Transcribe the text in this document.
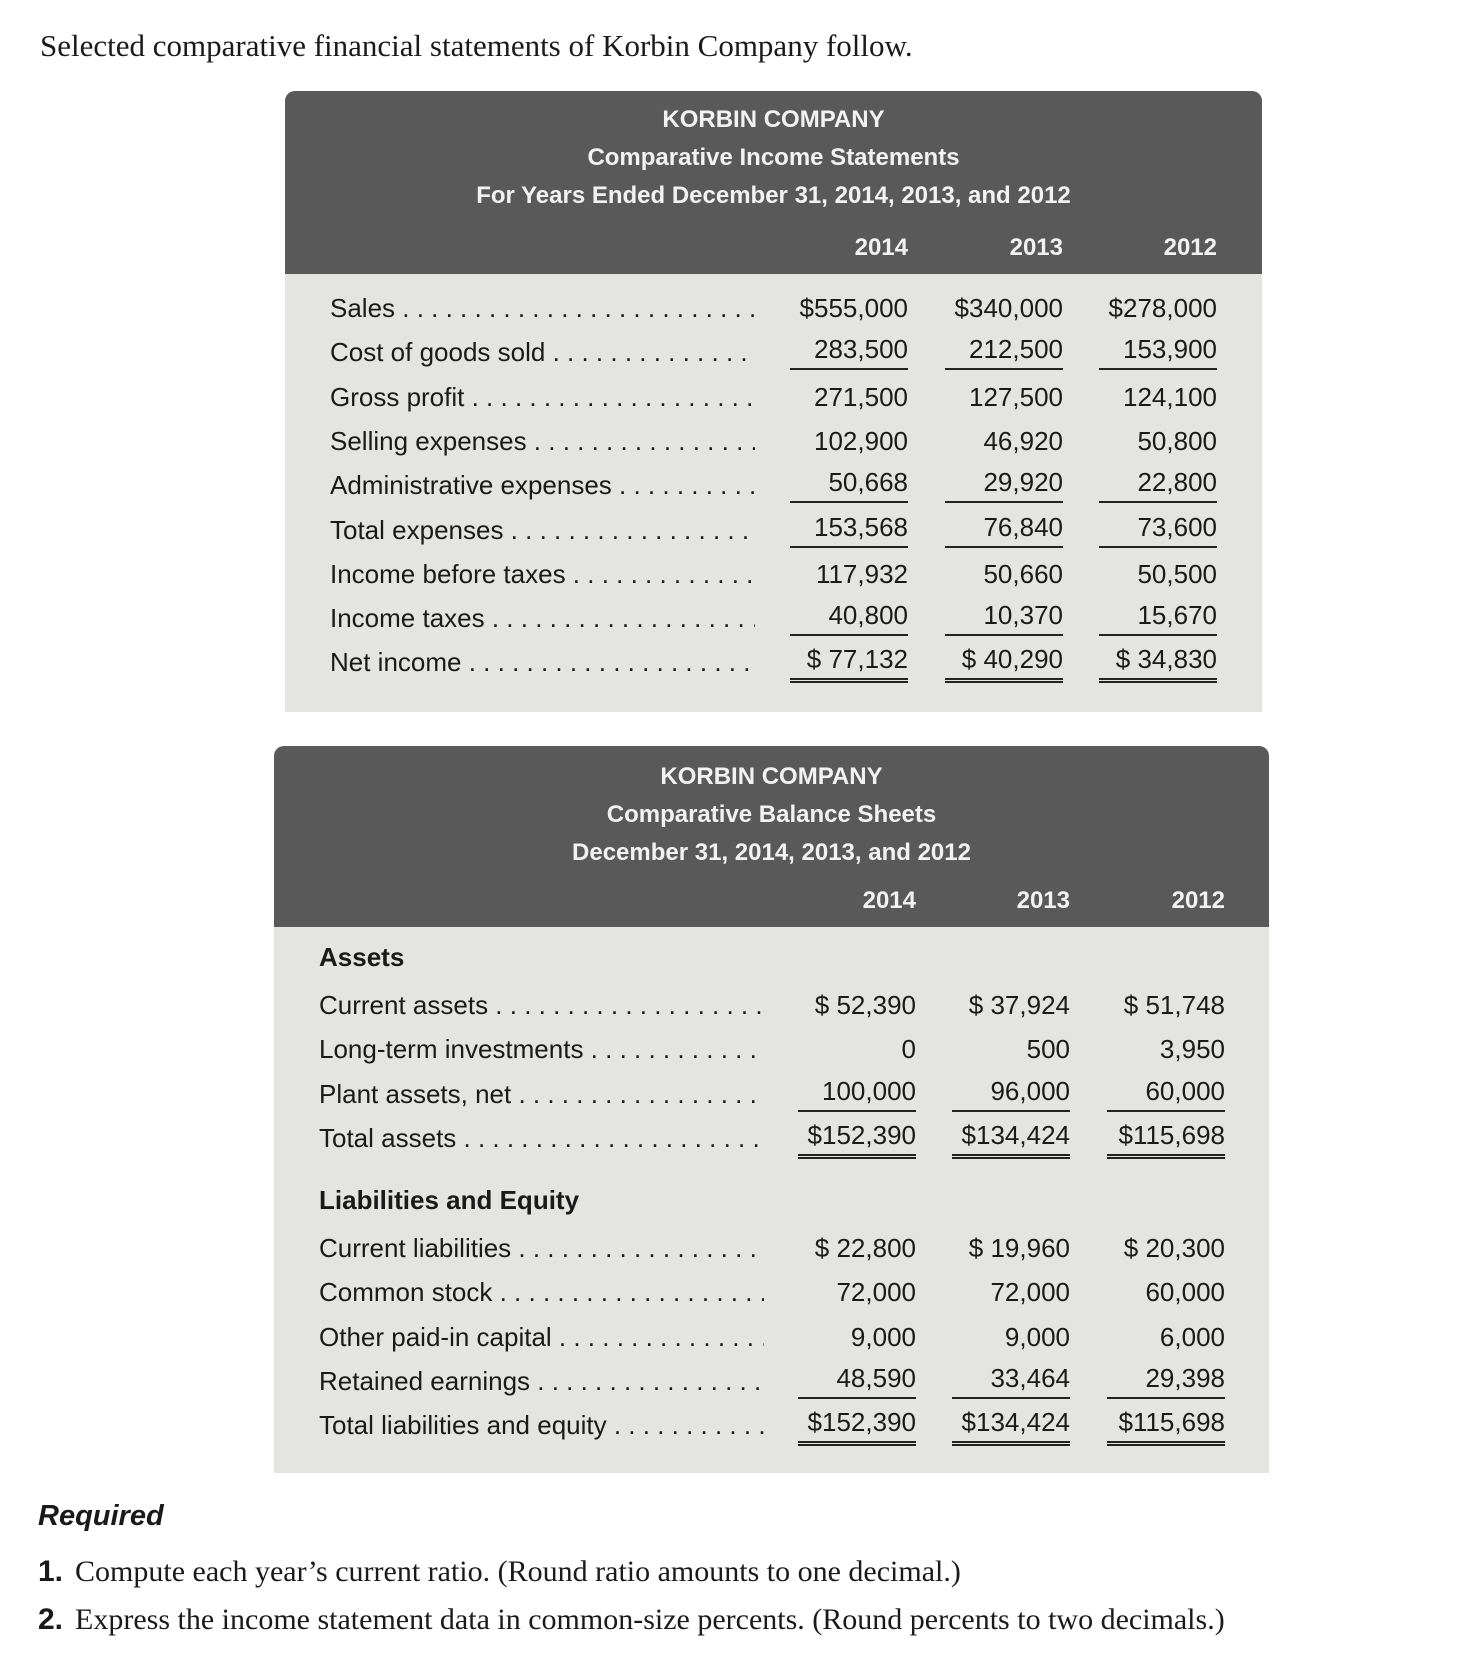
Selected comparative financial statements of Korbin Company follow.
KORBIN COMPANY
Comparative Income Statements
For Years Ended December 31, 2014, 2013, and 2012
2014	2013	2012
Sales . . .	$555,000	$340,000	$278,000
Cost of goods sold . . .	283,500	212,500	153,900
Gross profit . . .	271,500	127,500	124,100
Selling expenses . . .	102,900	46,920	50,800
Administrative expenses . . .	50,668	29,920	22,800
Total expenses . . .	153,568	76,840	73,600
Income before taxes . . .	117,932	50,660	50,500
Income taxes . . .	40,800	10,370	15,670
Net income . . .	$ 77,132	$ 40,290	$ 34,830
KORBIN COMPANY
Comparative Balance Sheets
December 31, 2014, 2013, and 2012
2014	2013	2012
Assets
Liabilities and Equity
Current assets . . .	$ 52,390	$ 37,924	$ 51,748
Long-term investments . . .	0	500	3,950
Plant assets, net . . .	100,000	96,000	60,000
Total assets . . .	$152,390	$134,424	$115,698
Current liabilities . . .	$ 22,800	$ 19,960	$ 20,300
Common stock . . .	72,000	72,000	60,000
Other paid-in capital . . .	9,000	9,000	6,000
Retained earnings . . .	48,590	33,464	29,398
Total liabilities and equity . . .	$152,390	$134,424	$115,698
Required
1. Compute each year’s current ratio. (Round ratio amounts to one decimal.)
2. Express the income statement data in common-size percents. (Round percents to two decimals.)
